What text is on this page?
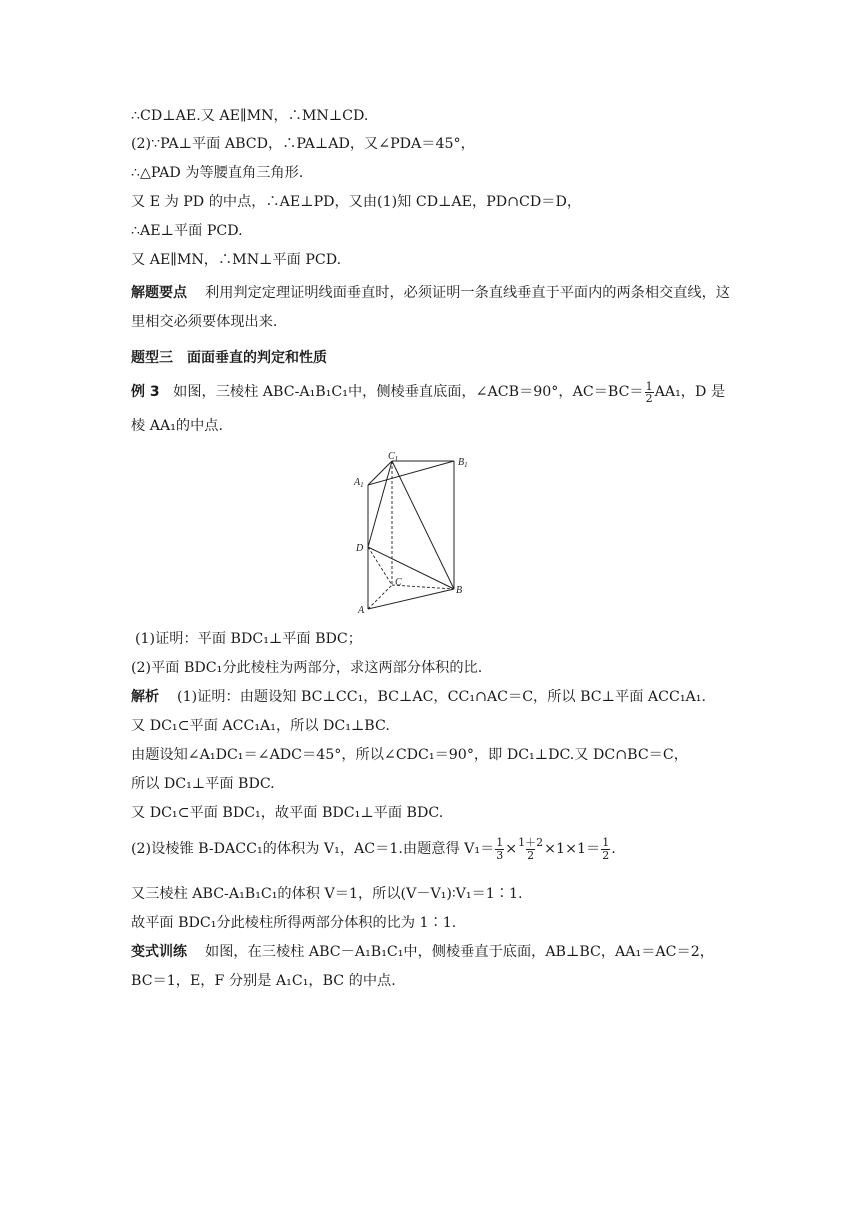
∴CD⊥AE.又 AE∥MN，∴MN⊥CD.
(2)∵PA⊥平面 ABCD，∴PA⊥AD，又∠PDA＝45°，
∴△PAD 为等腰直角三角形.
又 E 为 PD 的中点，∴AE⊥PD，又由(1)知 CD⊥AE，PD∩CD＝D，
∴AE⊥平面 PCD.
又 AE∥MN，∴MN⊥平面 PCD.
解题要点 利用判定定理证明线面垂直时，必须证明一条直线垂直于平面内的两条相交直线，这里相交必须要体现出来.
题型三　面面垂直的判定和性质
例 3 如图，三棱柱 ABC-A₁B₁C₁中，侧棱垂直底面，∠ACB＝90°，$AC=BC= \frac{1}{2} AA_1$，D 是
棱 AA₁的中点.
$C_1$	$B_1$
$A_1$
D
C
B
A
(1)证明：平面 BDC₁⊥平面 BDC；
(2)平面 BDC₁分此棱柱为两部分，求这两部分体积的比.
解析 (1)证明：由题设知 BC⊥CC₁，BC⊥AC，CC₁∩AC＝C，所以 BC⊥平面 ACC₁A₁.
又 DC₁⊂平面 ACC₁A₁，所以 DC₁⊥BC.
由题设知∠A₁DC₁＝∠ADC＝45°，所以∠CDC₁＝90°，即 DC₁⊥DC.又 DC∩BC＝C，
所以 DC₁⊥平面 BDC.
又 DC₁⊂平面 BDC₁，故平面 BDC₁⊥平面 BDC.
(2)设棱锥 B-DACC₁的体积为 V₁，AC＝1.由题意得 $V_1= \frac{1}{3} \times \frac{1+2}{2} \times 1\times 1= \frac{1}{2}$ .
又三棱柱 ABC-A₁B₁C₁的体积 V＝1，所以(V－V₁)∶V₁＝1∶1.
故平面 BDC₁分此棱柱所得两部分体积的比为 1∶1.
变式训练 如图，在三棱柱 ABC－A₁B₁C₁中，侧棱垂直于底面，AB⊥BC，AA₁＝AC＝2，
BC＝1，E，F 分别是 A₁C₁，BC 的中点.
